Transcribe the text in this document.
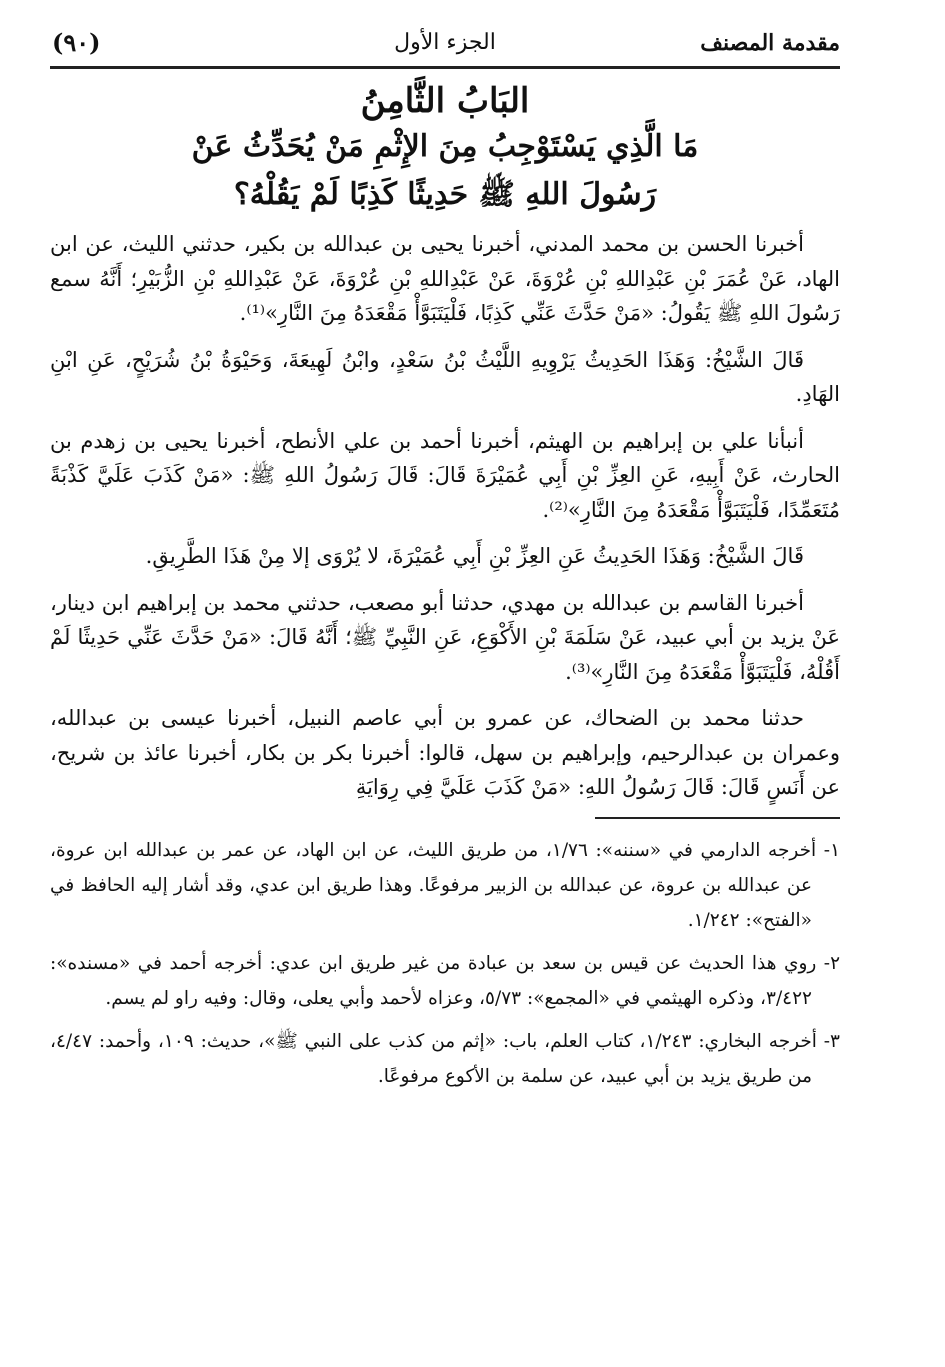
مقدمة المصنف
الجزء الأول
(٩٠)
البَابُ الثَّامِنُ
مَا الَّذِي يَسْتَوْجِبُ مِنَ الإِثْمِ مَنْ يُحَدِّثُ عَنْ
رَسُولَ اللهِ ﷺ حَدِيثًا كَذِبًا لَمْ يَقُلْهُ؟

أخبرنا الحسن بن محمد المدني، أخبرنا يحيى بن عبدالله بن بكير، حدثني الليث، عن ابن الهاد، عَنْ عُمَرَ بْنِ عَبْدِاللهِ بْنِ عُرْوَةَ، عَنْ عَبْدِاللهِ بْنِ عُرْوَةَ، عَنْ عَبْدِاللهِ بْنِ الزُّبَيْرِ؛ أَنَّهُ سمع رَسُولَ اللهِ ﷺ يَقُولُ: «مَنْ حَدَّثَ عَنِّي كَذِبًا، فَلْيَتَبَوَّأْ مَقْعَدَهُ مِنَ النَّارِ»⁽¹⁾.

قَالَ الشَّيْخُ: وَهَذَا الحَدِيثُ يَرْوِيهِ اللَّيْثُ بْنُ سَعْدٍ، وابْنُ لَهِيعَةَ، وَحَيْوَةُ بْنُ شُرَيْحٍ، عَنِ ابْنِ الهَادِ.

أنبأنا علي بن إبراهيم بن الهيثم، أخبرنا أحمد بن علي الأنطح، أخبرنا يحيى بن زهدم بن الحارث، عَنْ أَبِيهِ، عَنِ العِزِّ بْنِ أَبِي عُمَيْرَةَ قَالَ: قَالَ رَسُولُ اللهِ ﷺ: «مَنْ كَذَبَ عَلَيَّ كَذْبَةً مُتَعَمِّدًا، فَلْيَتَبَوَّأْ مَقْعَدَهُ مِنَ النَّارِ»⁽²⁾.

قَالَ الشَّيْخُ: وَهَذَا الحَدِيثُ عَنِ العِزِّ بْنِ أَبِي عُمَيْرَةَ، لا يُرْوَى إلا مِنْ هَذَا الطَّرِيقِ.

أخبرنا القاسم بن عبدالله بن مهدي، حدثنا أبو مصعب، حدثني محمد بن إبراهيم ابن دينار، عَنْ يزيد بن أبي عبيد، عَنْ سَلَمَةَ بْنِ الأَكْوَعِ، عَنِ النَّبِيِّ ﷺ؛ أَنَّهُ قَالَ: «مَنْ حَدَّثَ عَنِّي حَدِيثًا لَمْ أَقُلْهُ، فَلْيَتَبَوَّأْ مَقْعَدَهُ مِنَ النَّارِ»⁽³⁾.

حدثنا محمد بن الضحاك، عن عمرو بن أبي عاصم النبيل، أخبرنا عيسى بن عبدالله، وعمران بن عبدالرحيم، وإبراهيم بن سهل، قالوا: أخبرنا بكر بن بكار، أخبرنا عائذ بن شريح، عن أَنَسٍ قَالَ: قَالَ رَسُولُ اللهِ: «مَنْ كَذَبَ عَلَيَّ فِي رِوَايَةِ

١- أخرجه الدارمي في «سننه»: ١/٧٦، من طريق الليث، عن ابن الهاد، عن عمر بن عبدالله ابن عروة، عن عبدالله بن عروة، عن عبدالله بن الزبير مرفوعًا. وهذا طريق ابن عدي، وقد أشار إليه الحافظ في «الفتح»: ١/٢٤٢.

٢- روي هذا الحديث عن قيس بن سعد بن عبادة من غير طريق ابن عدي: أخرجه أحمد في «مسنده»: ٣/٤٢٢، وذكره الهيثمي في «المجمع»: ٥/٧٣، وعزاه لأحمد وأبي يعلى، وقال: وفيه راو لم يسم.

٣- أخرجه البخاري: ١/٢٤٣، كتاب العلم، باب: «إثم من كذب على النبي ﷺ»، حديث: ١٠٩، وأحمد: ٤/٤٧، من طريق يزيد بن أبي عبيد، عن سلمة بن الأكوع مرفوعًا.
